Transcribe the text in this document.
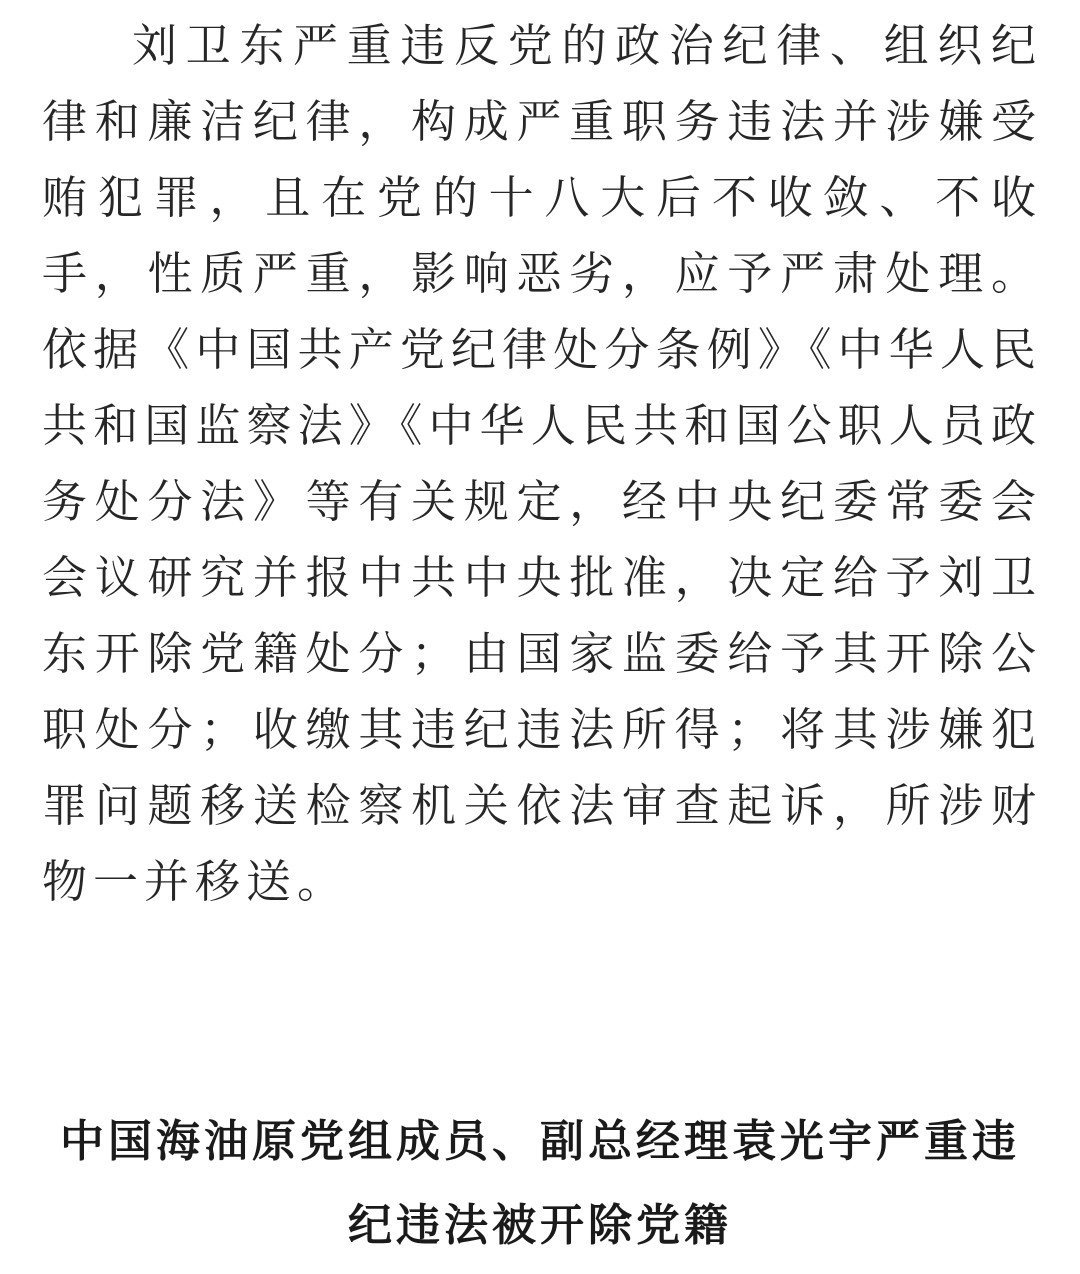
刘卫东严重违反党的政治纪律、组织纪律和廉洁纪律，构成严重职务违法并涉嫌受贿犯罪，且在党的十八大后不收敛、不收手，性质严重，影响恶劣，应予严肃处理。依据《中国共产党纪律处分条例》《中华人民共和国监察法》《中华人民共和国公职人员政务处分法》等有关规定，经中央纪委常委会会议研究并报中共中央批准，决定给予刘卫东开除党籍处分；由国家监委给予其开除公职处分；收缴其违纪违法所得；将其涉嫌犯罪问题移送检察机关依法审查起诉，所涉财物一并移送。

中国海油原党组成员、副总经理袁光宇严重违纪违法被开除党籍
